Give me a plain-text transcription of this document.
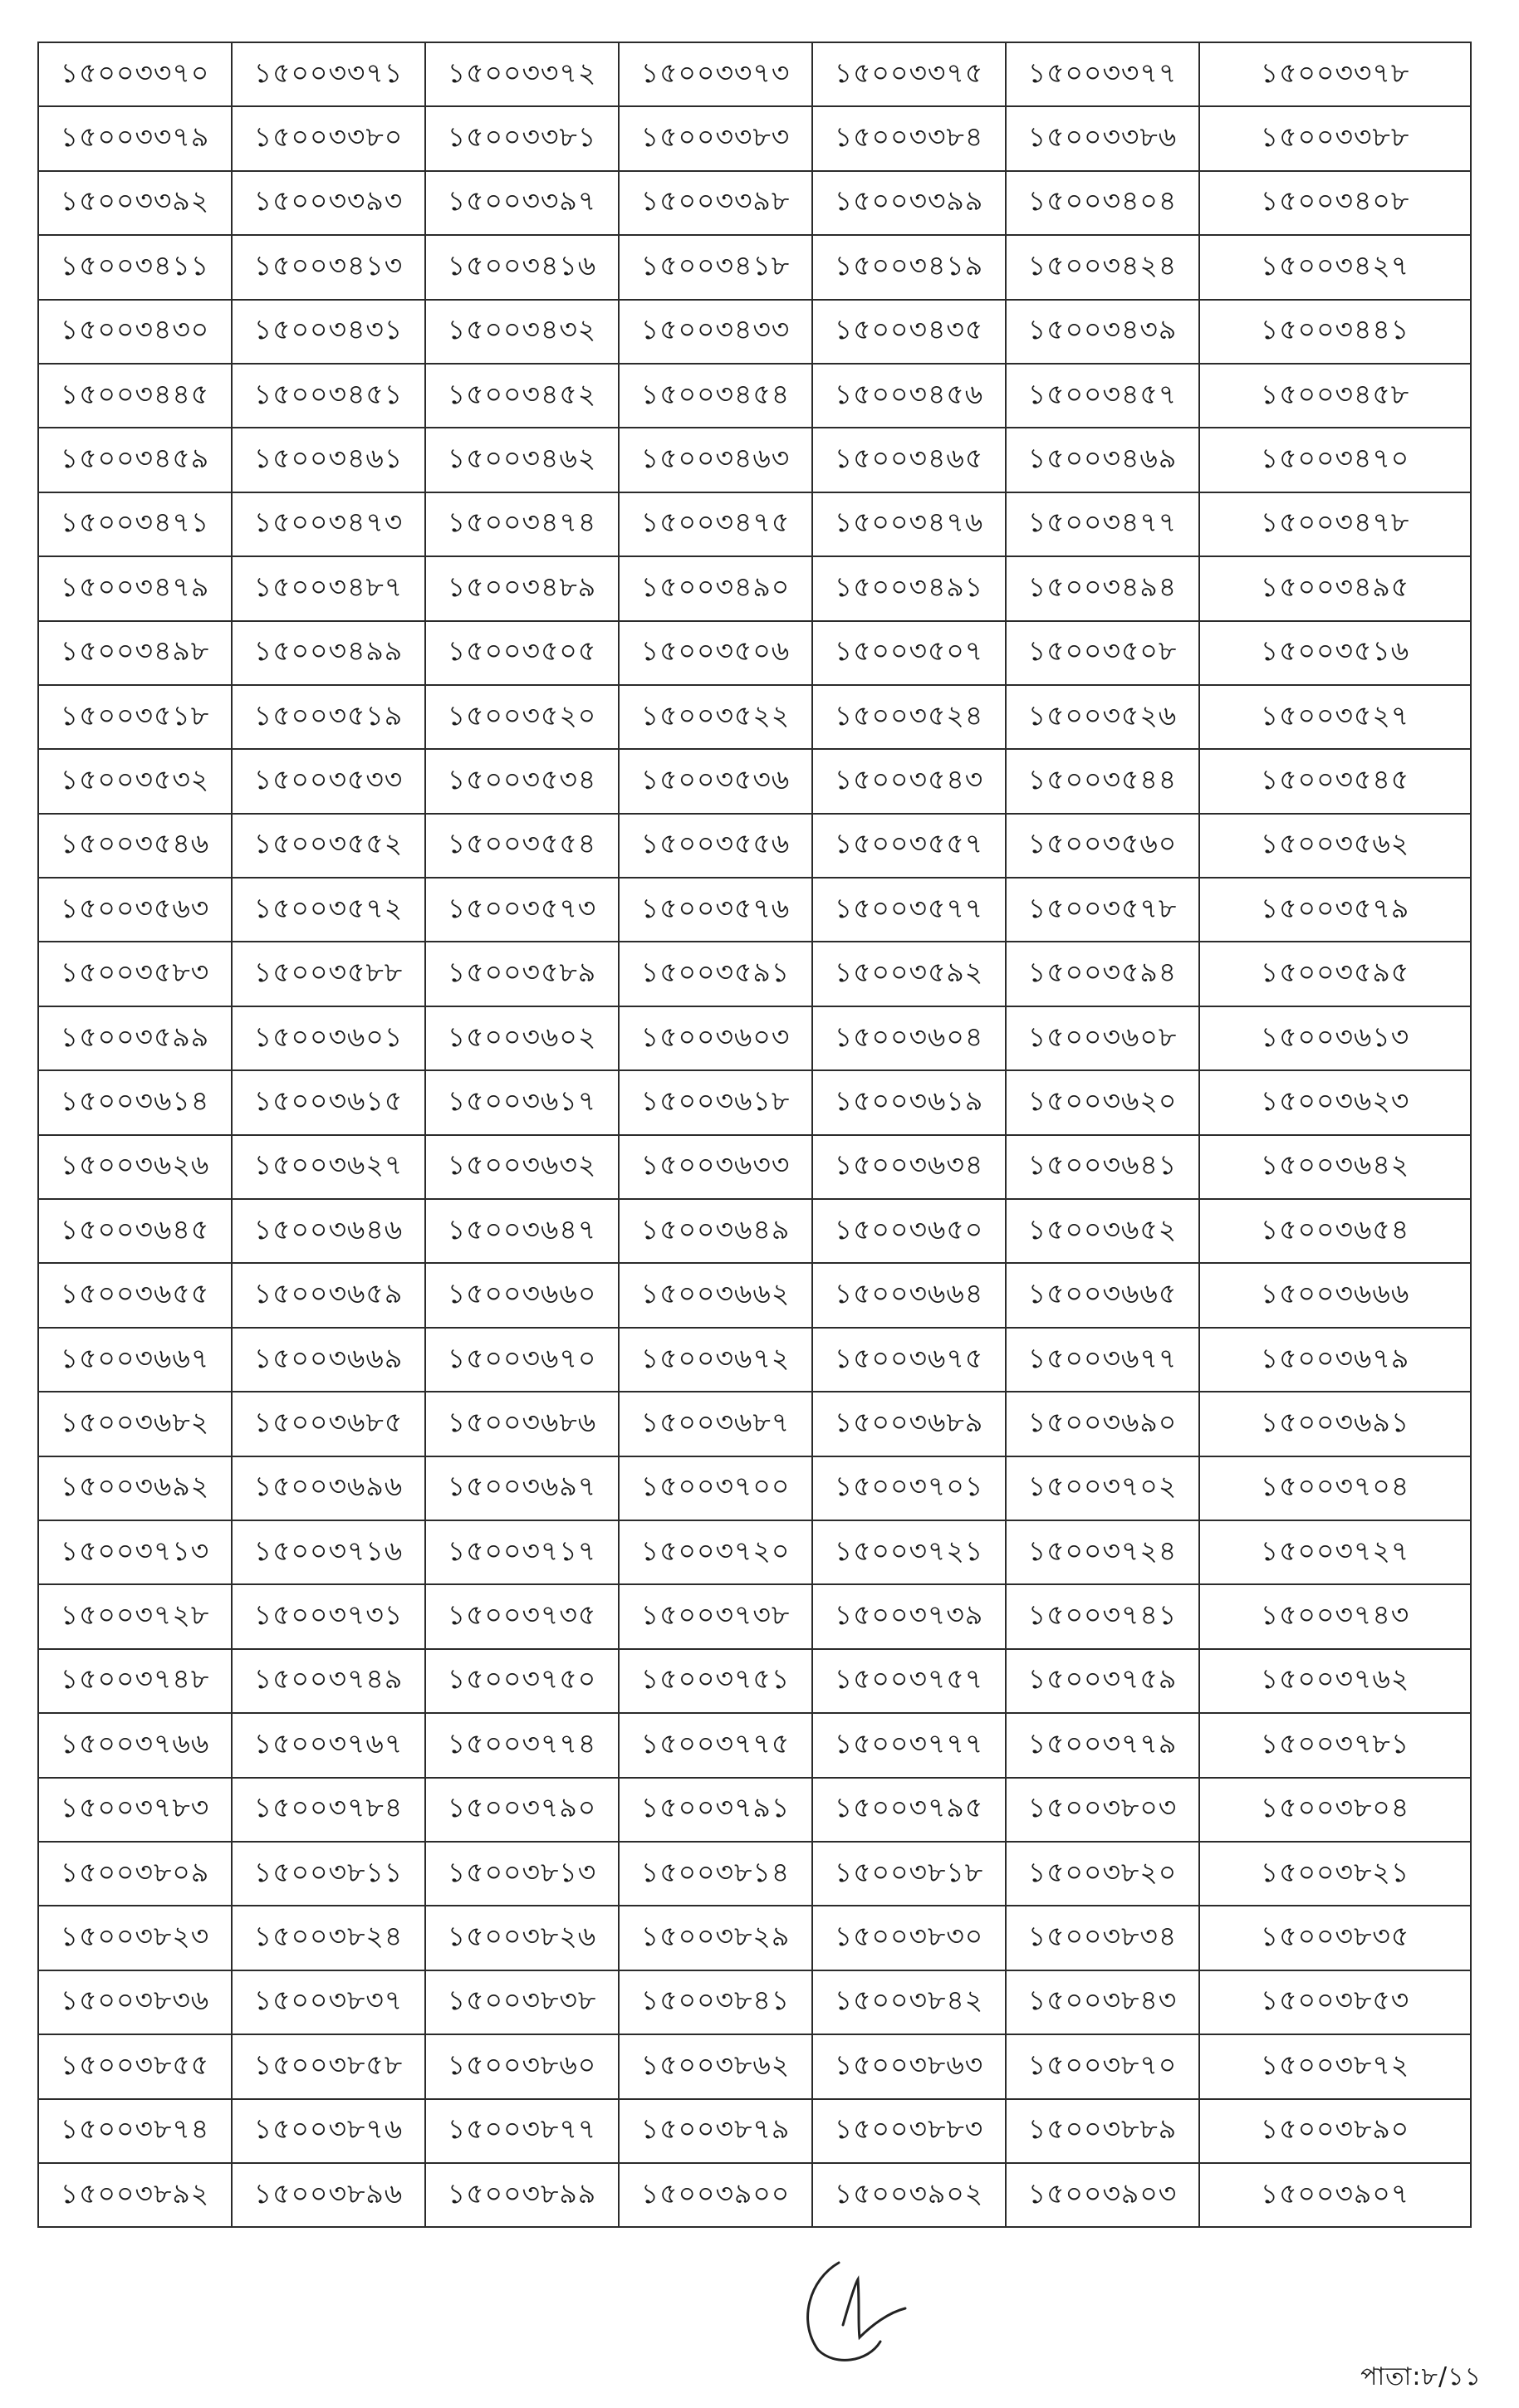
১৫০০৩৩৭০	১৫০০৩৩৭১	১৫০০৩৩৭২	১৫০০৩৩৭৩	১৫০০৩৩৭৫	১৫০০৩৩৭৭	১৫০০৩৩৭৮
১৫০০৩৩৭৯	১৫০০৩৩৮০	১৫০০৩৩৮১	১৫০০৩৩৮৩	১৫০০৩৩৮৪	১৫০০৩৩৮৬	১৫০০৩৩৮৮
১৫০০৩৩৯২	১৫০০৩৩৯৩	১৫০০৩৩৯৭	১৫০০৩৩৯৮	১৫০০৩৩৯৯	১৫০০৩৪০৪	১৫০০৩৪০৮
১৫০০৩৪১১	১৫০০৩৪১৩	১৫০০৩৪১৬	১৫০০৩৪১৮	১৫০০৩৪১৯	১৫০০৩৪২৪	১৫০০৩৪২৭
১৫০০৩৪৩০	১৫০০৩৪৩১	১৫০০৩৪৩২	১৫০০৩৪৩৩	১৫০০৩৪৩৫	১৫০০৩৪৩৯	১৫০০৩৪৪১
১৫০০৩৪৪৫	১৫০০৩৪৫১	১৫০০৩৪৫২	১৫০০৩৪৫৪	১৫০০৩৪৫৬	১৫০০৩৪৫৭	১৫০০৩৪৫৮
১৫০০৩৪৫৯	১৫০০৩৪৬১	১৫০০৩৪৬২	১৫০০৩৪৬৩	১৫০০৩৪৬৫	১৫০০৩৪৬৯	১৫০০৩৪৭০
১৫০০৩৪৭১	১৫০০৩৪৭৩	১৫০০৩৪৭৪	১৫০০৩৪৭৫	১৫০০৩৪৭৬	১৫০০৩৪৭৭	১৫০০৩৪৭৮
১৫০০৩৪৭৯	১৫০০৩৪৮৭	১৫০০৩৪৮৯	১৫০০৩৪৯০	১৫০০৩৪৯১	১৫০০৩৪৯৪	১৫০০৩৪৯৫
১৫০০৩৪৯৮	১৫০০৩৪৯৯	১৫০০৩৫০৫	১৫০০৩৫০৬	১৫০০৩৫০৭	১৫০০৩৫০৮	১৫০০৩৫১৬
১৫০০৩৫১৮	১৫০০৩৫১৯	১৫০০৩৫২০	১৫০০৩৫২২	১৫০০৩৫২৪	১৫০০৩৫২৬	১৫০০৩৫২৭
১৫০০৩৫৩২	১৫০০৩৫৩৩	১৫০০৩৫৩৪	১৫০০৩৫৩৬	১৫০০৩৫৪৩	১৫০০৩৫৪৪	১৫০০৩৫৪৫
১৫০০৩৫৪৬	১৫০০৩৫৫২	১৫০০৩৫৫৪	১৫০০৩৫৫৬	১৫০০৩৫৫৭	১৫০০৩৫৬০	১৫০০৩৫৬২
১৫০০৩৫৬৩	১৫০০৩৫৭২	১৫০০৩৫৭৩	১৫০০৩৫৭৬	১৫০০৩৫৭৭	১৫০০৩৫৭৮	১৫০০৩৫৭৯
১৫০০৩৫৮৩	১৫০০৩৫৮৮	১৫০০৩৫৮৯	১৫০০৩৫৯১	১৫০০৩৫৯২	১৫০০৩৫৯৪	১৫০০৩৫৯৫
১৫০০৩৫৯৯	১৫০০৩৬০১	১৫০০৩৬০২	১৫০০৩৬০৩	১৫০০৩৬০৪	১৫০০৩৬০৮	১৫০০৩৬১৩
১৫০০৩৬১৪	১৫০০৩৬১৫	১৫০০৩৬১৭	১৫০০৩৬১৮	১৫০০৩৬১৯	১৫০০৩৬২০	১৫০০৩৬২৩
১৫০০৩৬২৬	১৫০০৩৬২৭	১৫০০৩৬৩২	১৫০০৩৬৩৩	১৫০০৩৬৩৪	১৫০০৩৬৪১	১৫০০৩৬৪২
১৫০০৩৬৪৫	১৫০০৩৬৪৬	১৫০০৩৬৪৭	১৫০০৩৬৪৯	১৫০০৩৬৫০	১৫০০৩৬৫২	১৫০০৩৬৫৪
১৫০০৩৬৫৫	১৫০০৩৬৫৯	১৫০০৩৬৬০	১৫০০৩৬৬২	১৫০০৩৬৬৪	১৫০০৩৬৬৫	১৫০০৩৬৬৬
১৫০০৩৬৬৭	১৫০০৩৬৬৯	১৫০০৩৬৭০	১৫০০৩৬৭২	১৫০০৩৬৭৫	১৫০০৩৬৭৭	১৫০০৩৬৭৯
১৫০০৩৬৮২	১৫০০৩৬৮৫	১৫০০৩৬৮৬	১৫০০৩৬৮৭	১৫০০৩৬৮৯	১৫০০৩৬৯০	১৫০০৩৬৯১
১৫০০৩৬৯২	১৫০০৩৬৯৬	১৫০০৩৬৯৭	১৫০০৩৭০০	১৫০০৩৭০১	১৫০০৩৭০২	১৫০০৩৭০৪
১৫০০৩৭১৩	১৫০০৩৭১৬	১৫০০৩৭১৭	১৫০০৩৭২০	১৫০০৩৭২১	১৫০০৩৭২৪	১৫০০৩৭২৭
১৫০০৩৭২৮	১৫০০৩৭৩১	১৫০০৩৭৩৫	১৫০০৩৭৩৮	১৫০০৩৭৩৯	১৫০০৩৭৪১	১৫০০৩৭৪৩
১৫০০৩৭৪৮	১৫০০৩৭৪৯	১৫০০৩৭৫০	১৫০০৩৭৫১	১৫০০৩৭৫৭	১৫০০৩৭৫৯	১৫০০৩৭৬২
১৫০০৩৭৬৬	১৫০০৩৭৬৭	১৫০০৩৭৭৪	১৫০০৩৭৭৫	১৫০০৩৭৭৭	১৫০০৩৭৭৯	১৫০০৩৭৮১
১৫০০৩৭৮৩	১৫০০৩৭৮৪	১৫০০৩৭৯০	১৫০০৩৭৯১	১৫০০৩৭৯৫	১৫০০৩৮০৩	১৫০০৩৮০৪
১৫০০৩৮০৯	১৫০০৩৮১১	১৫০০৩৮১৩	১৫০০৩৮১৪	১৫০০৩৮১৮	১৫০০৩৮২০	১৫০০৩৮২১
১৫০০৩৮২৩	১৫০০৩৮২৪	১৫০০৩৮২৬	১৫০০৩৮২৯	১৫০০৩৮৩০	১৫০০৩৮৩৪	১৫০০৩৮৩৫
১৫০০৩৮৩৬	১৫০০৩৮৩৭	১৫০০৩৮৩৮	১৫০০৩৮৪১	১৫০০৩৮৪২	১৫০০৩৮৪৩	১৫০০৩৮৫৩
১৫০০৩৮৫৫	১৫০০৩৮৫৮	১৫০০৩৮৬০	১৫০০৩৮৬২	১৫০০৩৮৬৩	১৫০০৩৮৭০	১৫০০৩৮৭২
১৫০০৩৮৭৪	১৫০০৩৮৭৬	১৫০০৩৮৭৭	১৫০০৩৮৭৯	১৫০০৩৮৮৩	১৫০০৩৮৮৯	১৫০০৩৮৯০
১৫০০৩৮৯২	১৫০০৩৮৯৬	১৫০০৩৮৯৯	১৫০০৩৯০০	১৫০০৩৯০২	১৫০০৩৯০৩	১৫০০৩৯০৭
পাতা:৮/১১
